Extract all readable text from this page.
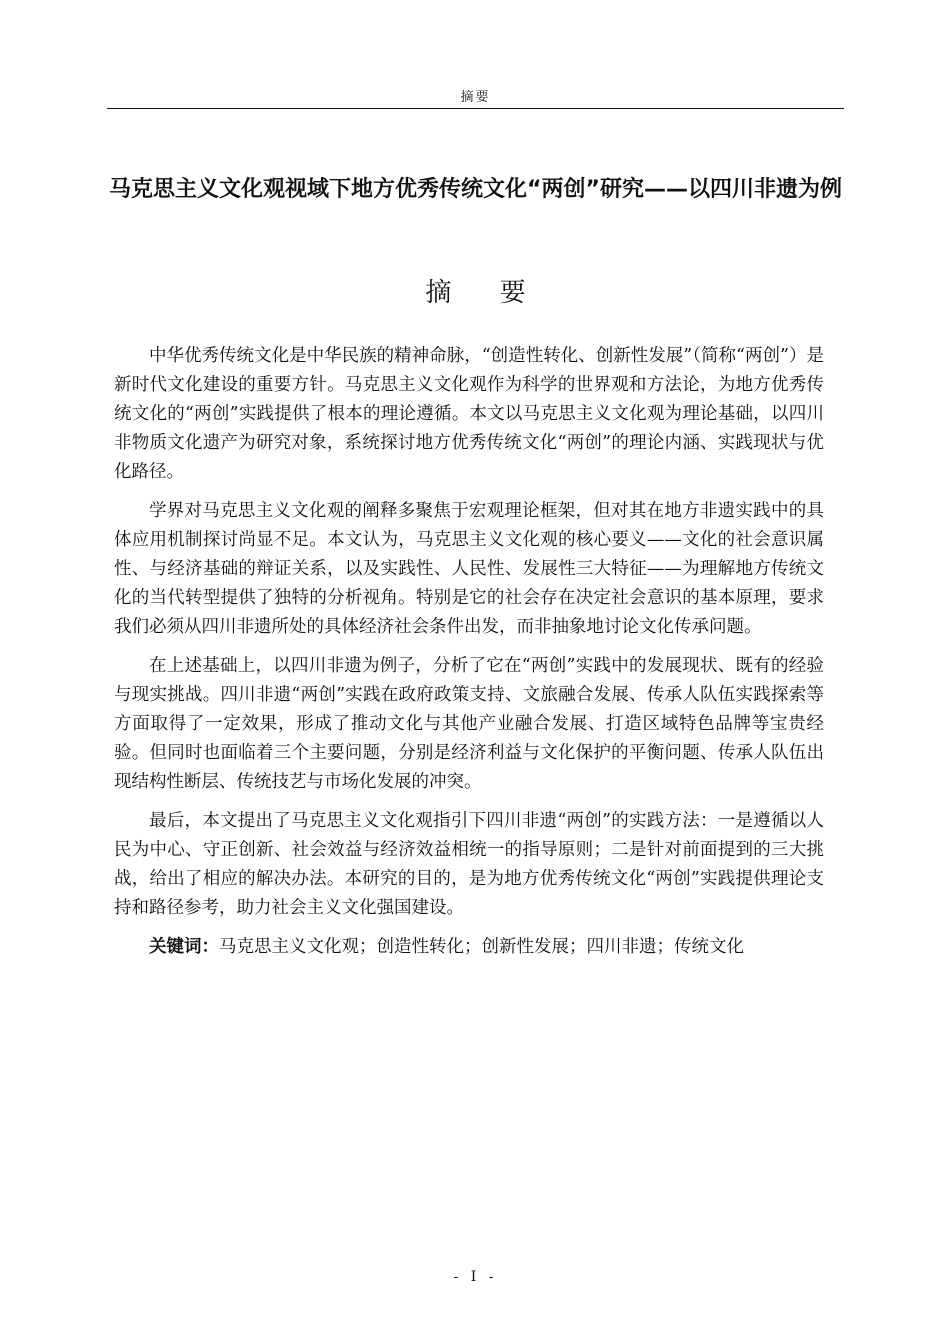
摘要
马克思主义文化观视域下地方优秀传统文化“两创”研究——以四川非遗为例
摘 要

中华优秀传统文化是中华民族的精神命脉，“创造性转化、创新性发展”（简称“两创”）是新时代文化建设的重要方针。马克思主义文化观作为科学的世界观和方法论，为地方优秀传统文化的“两创”实践提供了根本的理论遵循。本文以马克思主义文化观为理论基础，以四川非物质文化遗产为研究对象，系统探讨地方优秀传统文化“两创”的理论内涵、实践现状与优化路径。

学界对马克思主义文化观的阐释多聚焦于宏观理论框架，但对其在地方非遗实践中的具体应用机制探讨尚显不足。本文认为，马克思主义文化观的核心要义——文化的社会意识属性、与经济基础的辩证关系，以及实践性、人民性、发展性三大特征——为理解地方传统文化的当代转型提供了独特的分析视角。特别是它的社会存在决定社会意识的基本原理，要求我们必须从四川非遗所处的具体经济社会条件出发，而非抽象地讨论文化传承问题。

在上述基础上，以四川非遗为例子，分析了它在“两创”实践中的发展现状、既有的经验与现实挑战。四川非遗“两创”实践在政府政策支持、文旅融合发展、传承人队伍实践探索等方面取得了一定效果，形成了推动文化与其他产业融合发展、打造区域特色品牌等宝贵经验。但同时也面临着三个主要问题，分别是经济利益与文化保护的平衡问题、传承人队伍出现结构性断层、传统技艺与市场化发展的冲突。

最后，本文提出了马克思主义文化观指引下四川非遗“两创”的实践方法：一是遵循以人民为中心、守正创新、社会效益与经济效益相统一的指导原则；二是针对前面提到的三大挑战，给出了相应的解决办法。本研究的目的，是为地方优秀传统文化“两创”实践提供理论支持和路径参考，助力社会主义文化强国建设。

关键词：马克思主义文化观；创造性转化；创新性发展；四川非遗；传统文化

- I -
